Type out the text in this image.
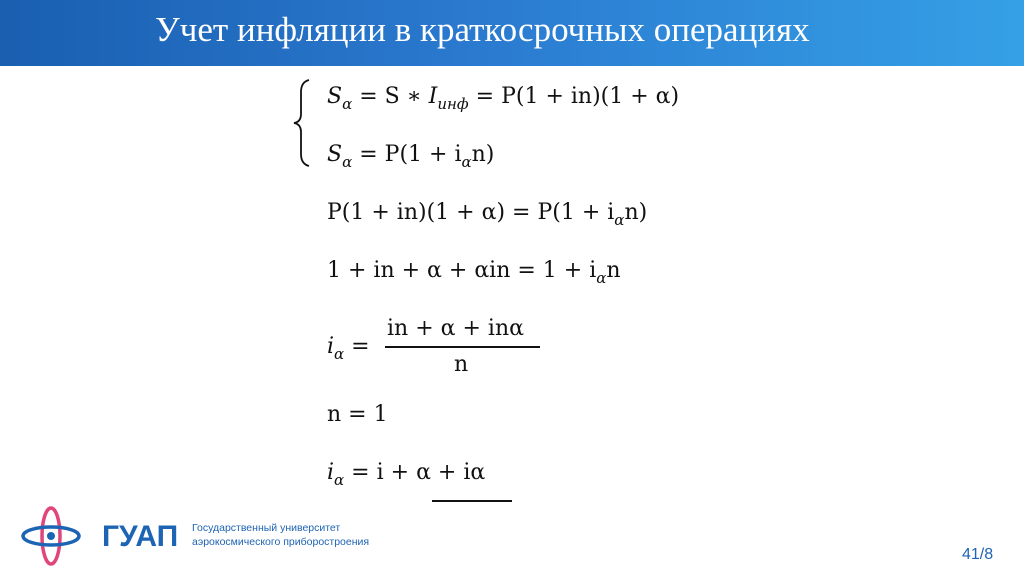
Учет инфляции в краткосрочных операциях
$S_\alpha = S$ ∗ $I_{инф} = P(1 + in)(1 + \alpha)$
$S_\alpha = P(1 + i_\alpha n)$
$P(1 + in)(1 + \alpha) = P(1 + i_\alpha n)$
1 + in + $\alpha + \alpha in = 1 + i_\alpha n$
$i_\alpha$ =
in + α + inα
n
n = 1
$i_\alpha = i + \alpha + i\alpha$
ГУАП Государственный университет
аэрокосмического приборостроения
41/8
